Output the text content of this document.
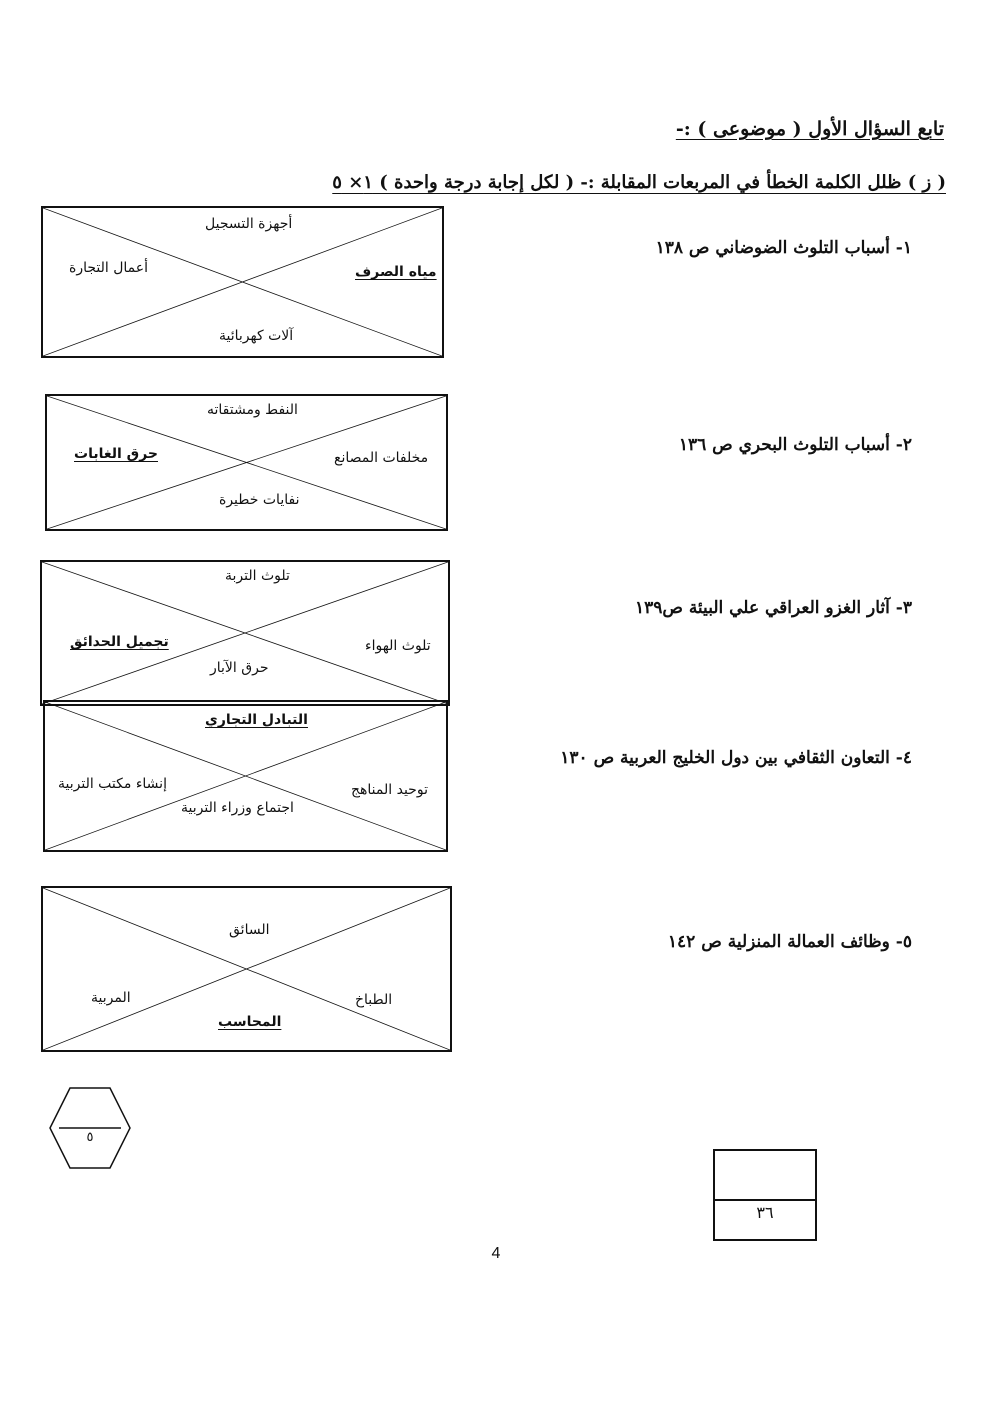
تابع السؤال الأول ( موضوعى ) :-
( ز ) ظلل الكلمة الخطأ في المربعات المقابلة :- ( لكل إجابة درجة واحدة ) ١× ٥
١- أسباب التلوث الضوضاني ص ١٣٨
أجهزة التسجيل
أعمال التجارة	مياه الصرف
آلات كهربائية
٢- أسباب التلوث البحري ص ١٣٦
النفط ومشتقاته
حرق الغابات	مخلفات المصانع
نفايات خطيرة
٣- آثار الغزو العراقي علي البيئة ص١٣٩
تلوث التربة
تجميل الحدائق	تلوث الهواء
حرق الآبار
٤- التعاون الثقافي بين دول الخليج العربية ص ١٣٠
التبادل التجاري
إنشاء مكتب التربية	توحيد المناهج
اجتماع وزراء التربية
٥- وظائف العمالة المنزلية ص ١٤٢
السائق
المربية	الطباخ
المحاسب
٥
٣٦
4
